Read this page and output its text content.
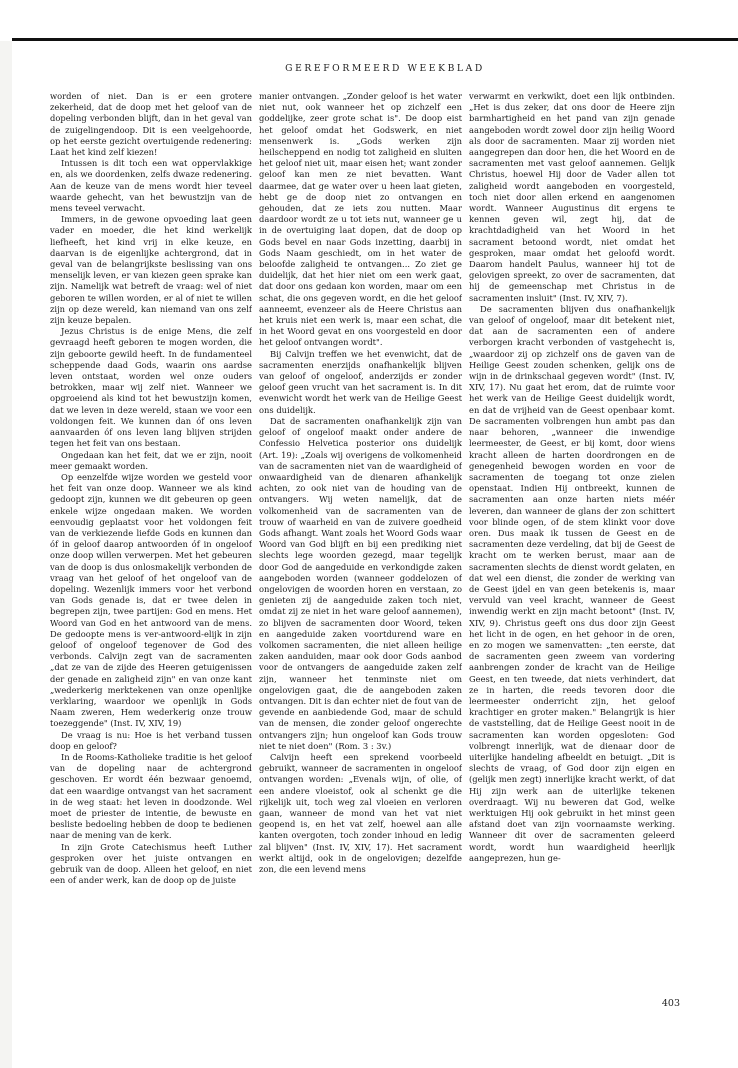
GEREFORMEERD WEEKBLAD

worden of niet. Dan is er een grotere zekerheid, dat de doop met het geloof van de dopeling verbonden blijft, dan in het geval van de zuigelingendoop. Dit is een veelgehoorde, op het eerste gezicht overtuigende redenering: Laat het kind zelf kiezen!

Intussen is dit toch een wat oppervlakkige en, als we doordenken, zelfs dwaze redenering. Aan de keuze van de mens wordt hier teveel waarde gehecht, van het bewustzijn van de mens teveel verwacht.

Immers, in de gewone opvoeding laat geen vader en moeder, die het kind werkelijk liefheeft, het kind vrij in elke keuze, en daarvan is de eigenlijke achtergrond, dat in geval van de belangrijkste beslissing van ons menselijk leven, er van kiezen geen sprake kan zijn. Namelijk wat betreft de vraag: wel of niet geboren te willen worden, er al of niet te willen zijn op deze wereld, kan niemand van ons zelf zijn keuze bepalen.

Jezus Christus is de enige Mens, die zelf gevraagd heeft geboren te mogen worden, die zijn geboorte gewild heeft. In de fundamenteel scheppende daad Gods, waarin ons aardse leven ontstaat, worden wel onze ouders betrokken, maar wij zelf niet. Wanneer we opgroeiend als kind tot het bewustzijn komen, dat we leven in deze wereld, staan we voor een voldongen feit. We kunnen dan óf ons leven aanvaarden óf ons leven lang blijven strijden tegen het feit van ons bestaan.

Ongedaan kan het feit, dat we er zijn, nooit meer gemaakt worden.

Op eenzelfde wijze worden we gesteld voor het feit van onze doop. Wanneer we als kind gedoopt zijn, kunnen we dit gebeuren op geen enkele wijze ongedaan maken. We worden eenvoudig geplaatst voor het voldongen feit van de verkiezende liefde Gods en kunnen dan óf in geloof daarop antwoorden óf in ongeloof onze doop willen verwerpen. Met het gebeuren van de doop is dus onlosmakelijk verbonden de vraag van het geloof of het ongeloof van de dopeling. Wezenlijk immers voor het verbond van Gods genade is, dat er twee delen in begrepen zijn, twee partijen: God en mens. Het Woord van God en het antwoord van de mens. De gedoopte mens is ver-antwoord-elijk in zijn geloof of ongeloof tegenover de God des verbonds. Calvijn zegt van de sacramenten „dat ze van de zijde des Heeren getuigenissen der genade en zaligheid zijn" en van onze kant „wederkerig merktekenen van onze openlijke verklaring, waardoor we openlijk in Gods Naam zweren, Hem wederkerig onze trouw toezeggende" (Inst. IV, XIV, 19)

De vraag is nu: Hoe is het verband tussen doop en geloof?

In de Rooms-Katholieke traditie is het geloof van de dopeling naar de achtergrond geschoven. Er wordt één bezwaar genoemd, dat een waardige ontvangst van het sacrament in de weg staat: het leven in doodzonde. Wel moet de priester de intentie, de bewuste en besliste bedoeling hebben de doop te bedienen naar de mening van de kerk.

In zijn Grote Catechismus heeft Luther gesproken over het juiste ontvangen en gebruik van de doop. Alleen het geloof, en niet een of ander werk, kan de doop op de juiste

manier ontvangen. „Zonder geloof is het water niet nut, ook wanneer het op zichzelf een goddelijke, zeer grote schat is". De doop eist het geloof omdat het Godswerk, en niet mensenwerk is. „Gods werken zijn heilscheppend en nodig tot zaligheid en sluiten het geloof niet uit, maar eisen het; want zonder geloof kan men ze niet bevatten. Want daarmee, dat ge water over u heen laat gieten, hebt ge de doop niet zo ontvangen en gehouden, dat ze iets zou nutten. Maar daardoor wordt ze u tot iets nut, wanneer ge u in de overtuiging laat dopen, dat de doop op Gods bevel en naar Gods inzetting, daarbij in Gods Naam geschiedt, om in het water de beloofde zaligheid te ontvangen... Zo ziet ge duidelijk, dat het hier niet om een werk gaat, dat door ons gedaan kon worden, maar om een schat, die ons gegeven wordt, en die het geloof aanneemt, evenzeer als de Heere Christus aan het kruis niet een werk is, maar een schat, die in het Woord gevat en ons voorgesteld en door het geloof ontvangen wordt".

Bij Calvijn treffen we het evenwicht, dat de sacramenten enerzijds onafhankelijk blijven van geloof of ongeloof, anderzijds er zonder geloof geen vrucht van het sacrament is. In dit evenwicht wordt het werk van de Heilige Geest ons duidelijk.

Dat de sacramenten onafhankelijk zijn van geloof of ongeloof maakt onder andere de Confessio Helvetica posterior ons duidelijk (Art. 19): „Zoals wij overigens de volkomenheid van de sacramenten niet van de waardigheid of onwaardigheid van de dienaren afhankelijk achten, zo ook niet van de houding van de ontvangers. Wij weten namelijk, dat de volkomenheid van de sacramenten van de trouw of waarheid en van de zuivere goedheid Gods afhangt. Want zoals het Woord Gods waar Woord van God blijft en bij een prediking niet slechts lege woorden gezegd, maar tegelijk door God de aangeduide en verkondigde zaken aangeboden worden (wanneer goddelozen of ongelovigen de woorden horen en verstaan, zo genieten zij de aangeduide zaken toch niet, omdat zij ze niet in het ware geloof aannemen), zo blijven de sacramenten door Woord, teken en aangeduide zaken voortdurend ware en volkomen sacramenten, die niet alleen heilige zaken aanduiden, maar ook door Gods aanbod voor de ontvangers de aangeduide zaken zelf zijn, wanneer het tenminste niet om ongelovigen gaat, die de aangeboden zaken ontvangen. Dit is dan echter niet de fout van de gevende en aanbiedende God, maar de schuld van de mensen, die zonder geloof ongerechte ontvangers zijn; hun ongeloof kan Gods trouw niet te niet doen" (Rom. 3 : 3v.)

Calvijn heeft een sprekend voorbeeld gebruikt, wanneer de sacramenten in ongeloof ontvangen worden: „Evenals wijn, of olie, of een andere vloeistof, ook al schenkt ge die rijkelijk uit, toch weg zal vloeien en verloren gaan, wanneer de mond van het vat niet geopend is, en het vat zelf, hoewel aan alle kanten overgoten, toch zonder inhoud en ledig zal blijven" (Inst. IV, XIV, 17). Het sacrament werkt altijd, ook in de ongelovigen; dezelfde zon, die een levend mens

verwarmt en verkwikt, doet een lijk ontbinden. „Het is dus zeker, dat ons door de Heere zijn barmhartigheid en het pand van zijn genade aangeboden wordt zowel door zijn heilig Woord als door de sacramenten. Maar zij worden niet aangegrepen dan door hen, die het Woord en de sacramenten met vast geloof aannemen. Gelijk Christus, hoewel Hij door de Vader allen tot zaligheid wordt aangeboden en voorgesteld, toch niet door allen erkend en aangenomen wordt. Wanneer Augustinus dit ergens te kennen geven wil, zegt hij, dat de krachtdadigheid van het Woord in het sacrament betoond wordt, niet omdat het gesproken, maar omdat het geloofd wordt. Daarom handelt Paulus, wanneer hij tot de gelovigen spreekt, zo over de sacramenten, dat hij de gemeenschap met Christus in de sacramenten insluit" (Inst. IV, XIV, 7).

De sacramenten blijven dus onafhankelijk van geloof of ongeloof, maar dit betekent niet, dat aan de sacramenten een of andere verborgen kracht verbonden of vastgehecht is, „waardoor zij op zichzelf ons de gaven van de Heilige Geest zouden schenken, gelijk ons de wijn in de drinkschaal gegeven wordt" (Inst. IV, XIV, 17). Nu gaat het erom, dat de ruimte voor het werk van de Heilige Geest duidelijk wordt, en dat de vrijheid van de Geest openbaar komt. De sacramenten volbrengen hun ambt pas dan naar behoren, „wanneer die inwendige leermeester, de Geest, er bij komt, door wiens kracht alleen de harten doordrongen en de genegenheid bewogen worden en voor de sacramenten de toegang tot onze zielen openstaat. Indien Hij ontbreekt, kunnen de sacramenten aan onze harten niets méér leveren, dan wanneer de glans der zon schittert voor blinde ogen, of de stem klinkt voor dove oren. Dus maak ik tussen de Geest en de sacramenten deze verdeling, dat bij de Geest de kracht om te werken berust, maar aan de sacramenten slechts de dienst wordt gelaten, en dat wel een dienst, die zonder de werking van de Geest ijdel en van geen betekenis is, maar vervuld van veel kracht, wanneer de Geest inwendig werkt en zijn macht betoont" (Inst. IV, XIV, 9). Christus geeft ons dus door zijn Geest het licht in de ogen, en het gehoor in de oren, en zo mogen we samenvatten: „ten eerste, dat de sacramenten geen zweem van vordering aanbrengen zonder de kracht van de Heilige Geest, en ten tweede, dat niets verhindert, dat ze in harten, die reeds tevoren door die leermeester onderricht zijn, het geloof krachtiger en groter maken." Belangrijk is hier de vaststelling, dat de Heilige Geest nooit in de sacramenten kan worden opgesloten: God volbrengt innerlijk, wat de dienaar door de uiterlijke handeling afbeeldt en betuigt. „Dit is slechts de vraag, of God door zijn eigen en (gelijk men zegt) innerlijke kracht werkt, of dat Hij zijn werk aan de uiterlijke tekenen overdraagt. Wij nu beweren dat God, welke werktuigen Hij ook gebruikt in het minst geen afstand doet van zijn voornaamste werking. Wanneer dit over de sacramenten geleerd wordt, wordt hun waardigheid heerlijk aangeprezen, hun ge-

403
